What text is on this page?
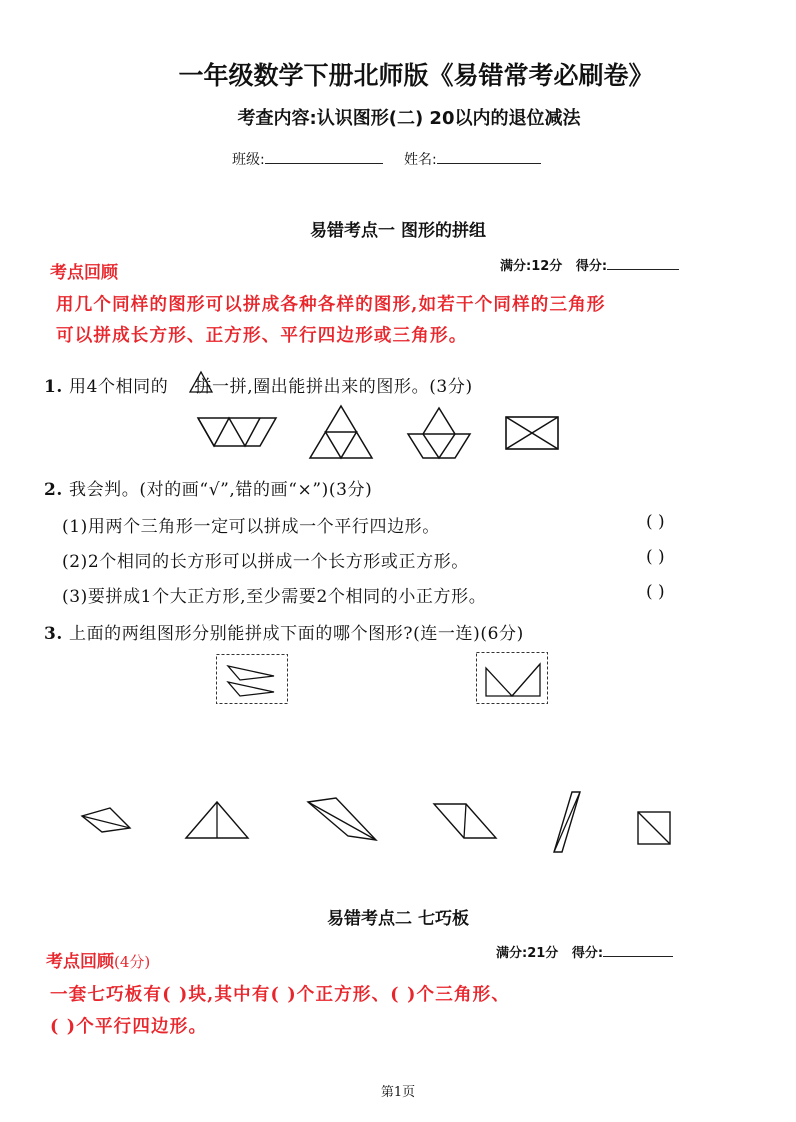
一年级数学下册北师版《易错常考必刷卷》
考查内容:认识图形(二) 20以内的退位减法
班级:	姓名:
易错考点一 图形的拼组
考点回顾	满分:12分 得分:
用几个同样的图形可以拼成各种各样的图形,如若干个同样的三角形
可以拼成长方形、正方形、平行四边形或三角形。
1. 用4个相同的 拼一拼,圈出能拼出来的图形。(3分)
2. 我会判。(对的画“√”,错的画“×”)(3分)
(1)用两个三角形一定可以拼成一个平行四边形。	( )
(2)2个相同的长方形可以拼成一个长方形或正方形。	( )
(3)要拼成1个大正方形,至少需要2个相同的小正方形。	( )
3. 上面的两组图形分别能拼成下面的哪个图形?(连一连)(6分)
易错考点二 七巧板
考点回顾(4分)	满分:21分 得分:
一套七巧板有( )块,其中有( )个正方形、( )个三角形、
( )个平行四边形。
第1页
